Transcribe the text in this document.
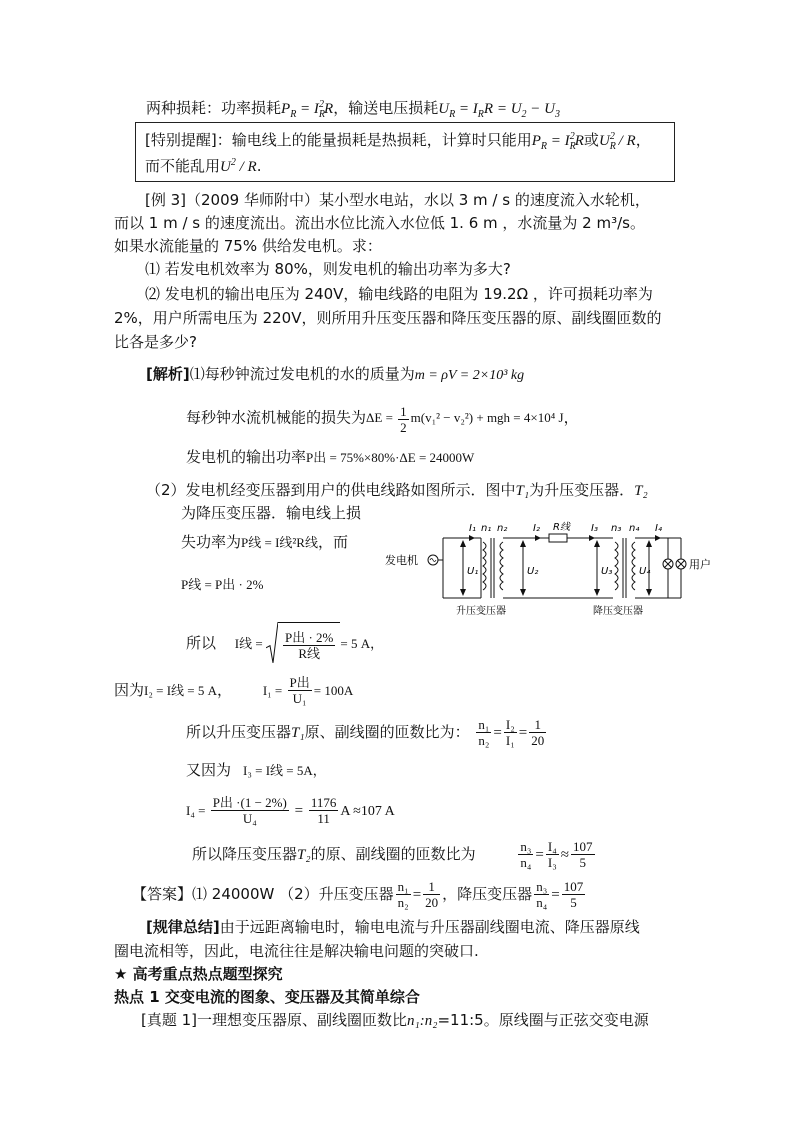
两种损耗：功率损耗$P_R = I_R^2R$，输送电压损耗$U_R = I_RR = U_2 - U_3$
[特别提醒]：输电线上的能量损耗是热损耗，计算时只能用$P_R = I_R^2R$或$U_R^2$ / R，
而不能乱用$U^2$ / R.
[例 3]（2009 华师附中）某小型水电站，水以 3 m / s 的速度流入水轮机，
而以 1 m / s 的速度流出。流出水位比流入水位低 1. 6 m ，水流量为 2 m³/s。
如果水流能量的 75% 供给发电机。求：
⑴ 若发电机效率为 80%，则发电机的输出功率为多大?
⑵ 发电机的输出电压为 240V，输电线路的电阻为 19.2Ω ，许可损耗功率为
2%，用户所需电压为 220V，则所用升压变压器和降压变压器的原、副线圈匝数的
比各是多少?
[解析]⑴每秒钟流过发电机的水的质量为m = ρV = 2×10³ kg
每秒钟水流机械能的损失为$\Delta E = \frac{1}{2} m(v_1^2 - v_2^2)$ + mgh = 4×10⁴ J，
发电机的输出功率P出 = 75%×80%·ΔE = 24000W
（2）发电机经变压器到用户的供电线路如图所示．图中T₁为升压变压器．T₂
为降压变压器．输电线上损
失功率为P线 = I线²R线，而
P线 = P出 · 2%
所以 I线 = $\frac{\text{P出 · 2\%}}{\text{R线}} = 5$ A，
因为I₂ = I线 = 5 A， $I_1 = \frac{\text{P出}}{\text{U₁}} = 100A$
所以升压变压器T₁原、副线圈的匝数比为： $\frac{\text{n₁}}{\text{n₂}} = \frac{\text{I₂}}{\text{I₁}} = \frac{1}{20}$
又因为 I₃ = I线 = 5A，
$I_4 = \frac{\text{P出 ·(1 − 2\%)}}{\text{U₄}} = \frac{1176}{11}$ A ≈107 A
所以降压变压器T₂的原、副线圈的匝数比为	$\frac{\text{n₃}}{\text{n₄}} = \frac{\text{I₄}}{\text{I₃}} \approx \frac{107}{5}$
【答案】⑴ 24000W （2）升压变压器 $\frac{\text{n₁}}{\text{n₂}} = \frac{1}{20}$ ，降压变压器 $\frac{\text{n₃}}{\text{n₄}} = \frac{107}{5}$
[规律总结]由于远距离输电时，输电电流与升压器副线圈电流、降压器原线
圈电流相等，因此，电流往往是解决输电问题的突破口.
★ 高考重点热点题型探究
热点 1 交变电流的图象、变压器及其简单综合
[真题 1]一理想变压器原、副线圈匝数比n₁:n₂=11:5。原线圈与正弦交变电源
发电机
U₁
I₁ n₁ n₂
升压变压器
U₂
I₂ R线 I₃
U₃
n₃ n₄
降压变压器
U₄
I₄
用户
